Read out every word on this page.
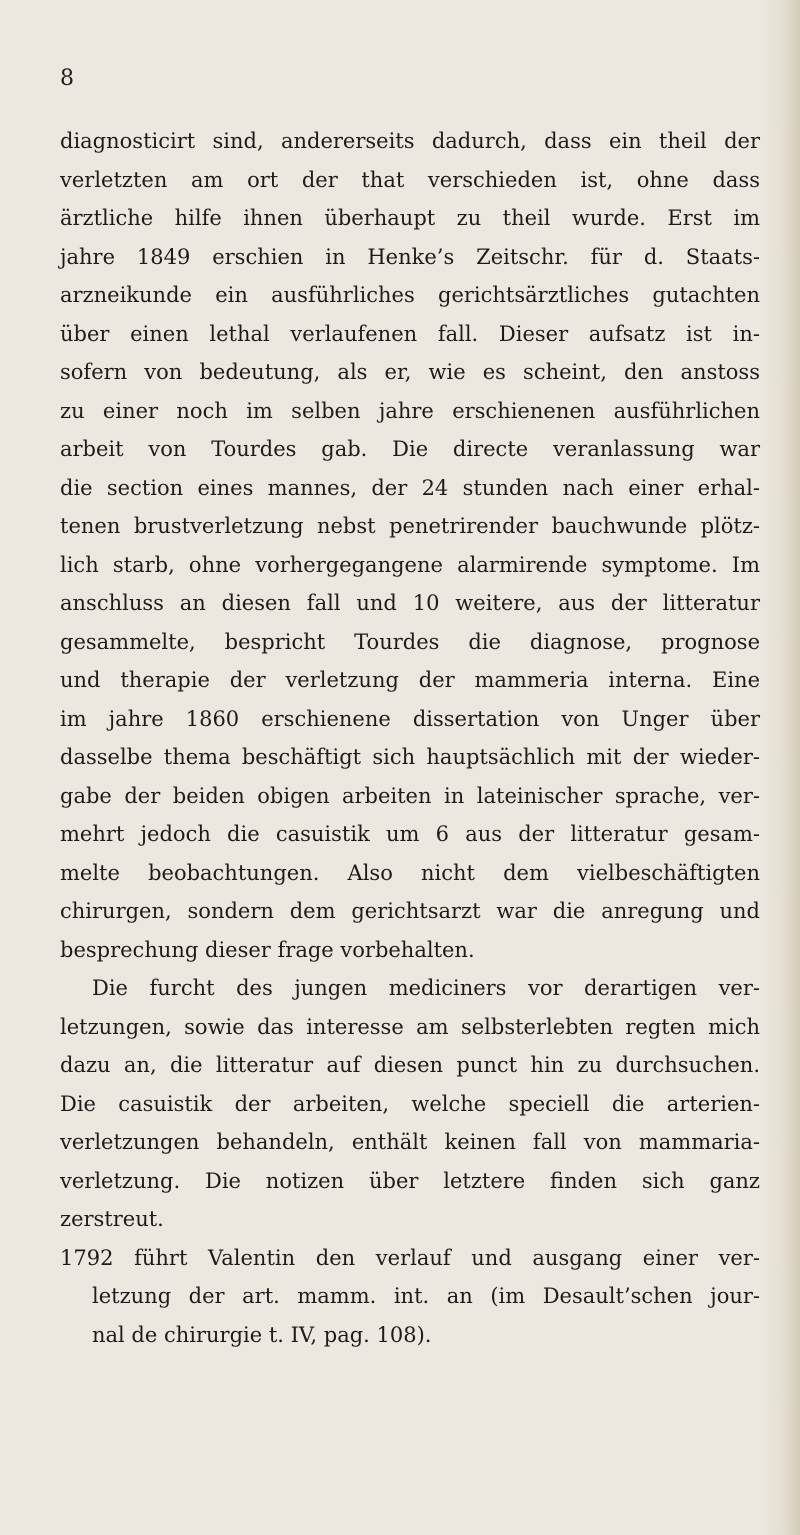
8
diagnosticirt sind, andererseits dadurch, dass ein theil der
verletzten am ort der that verschieden ist, ohne dass
ärztliche hilfe ihnen überhaupt zu theil wurde. Erst im
jahre 1849 erschien in Henke’s Zeitschr. für d. Staats-
arzneikunde ein ausführliches gerichtsärztliches gutachten
über einen lethal verlaufenen fall. Dieser aufsatz ist in-
sofern von bedeutung, als er, wie es scheint, den anstoss
zu einer noch im selben jahre erschienenen ausführlichen
arbeit von Tourdes gab. Die directe veranlassung war
die section eines mannes, der 24 stunden nach einer erhal-
tenen brustverletzung nebst penetrirender bauchwunde plötz-
lich starb, ohne vorhergegangene alarmirende symptome. Im
anschluss an diesen fall und 10 weitere, aus der litteratur
gesammelte, bespricht Tourdes die diagnose, prognose
und therapie der verletzung der mammeria interna. Eine
im jahre 1860 erschienene dissertation von Unger über
dasselbe thema beschäftigt sich hauptsächlich mit der wieder-
gabe der beiden obigen arbeiten in lateinischer sprache, ver-
mehrt jedoch die casuistik um 6 aus der litteratur gesam-
melte beobachtungen. Also nicht dem vielbeschäftigten
chirurgen, sondern dem gerichtsarzt war die anregung und
besprechung dieser frage vorbehalten.
Die furcht des jungen mediciners vor derartigen ver-
letzungen, sowie das interesse am selbsterlebten regten mich
dazu an, die litteratur auf diesen punct hin zu durchsuchen.
Die casuistik der arbeiten, welche speciell die arterien-
verletzungen behandeln, enthält keinen fall von mammaria-
verletzung. Die notizen über letztere finden sich ganz
zerstreut.
1792 führt Valentin den verlauf und ausgang einer ver-
letzung der art. mamm. int. an (im Desault’schen jour-
nal de chirurgie t. IV, pag. 108).
